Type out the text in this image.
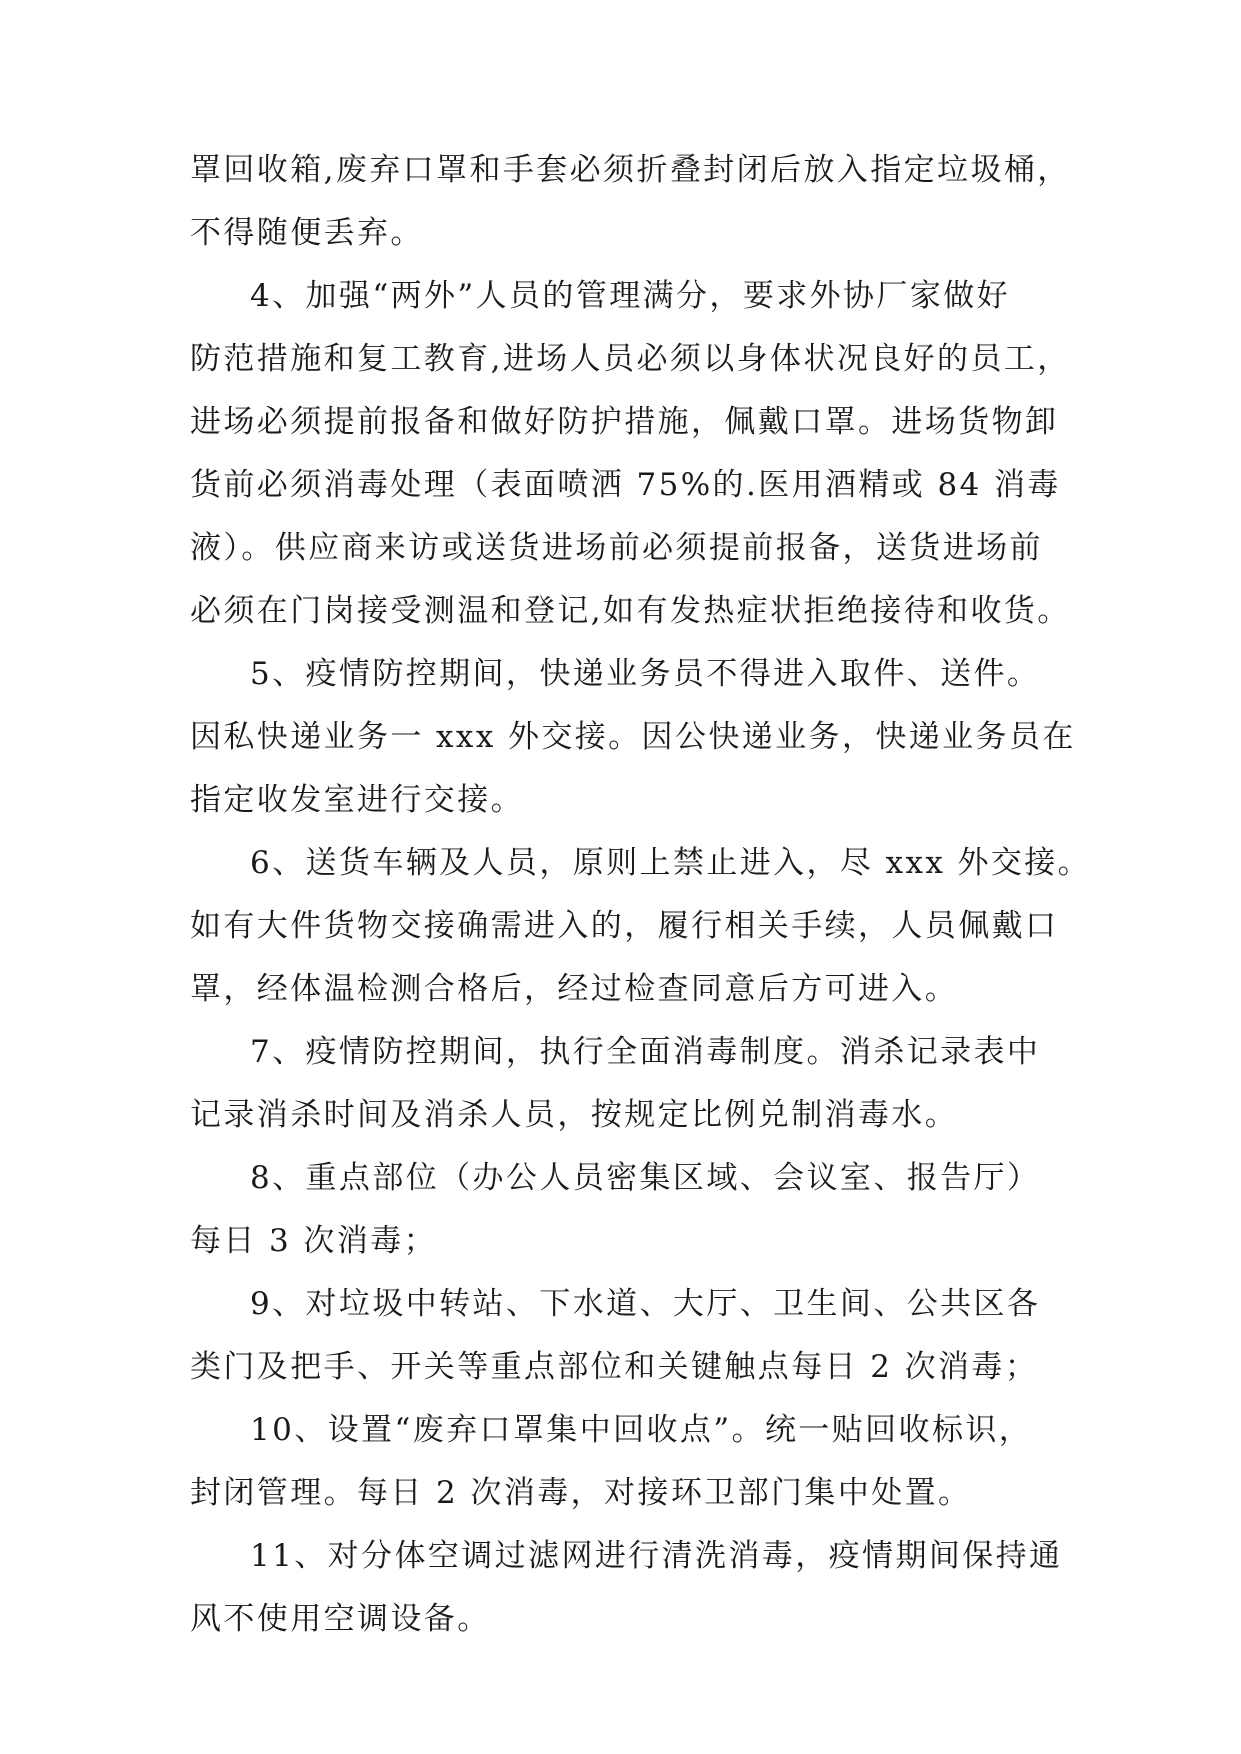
罩回收箱,废弃口罩和手套必须折叠封闭后放入指定垃圾桶，
不得随便丢弃。
4、加强“两外”人员的管理满分，要求外协厂家做好
防范措施和复工教育,进场人员必须以身体状况良好的员工，
进场必须提前报备和做好防护措施，佩戴口罩。进场货物卸
货前必须消毒处理（表面喷洒 75%的.医用酒精或 84 消毒
液）。供应商来访或送货进场前必须提前报备，送货进场前
必须在门岗接受测温和登记,如有发热症状拒绝接待和收货。
5、疫情防控期间，快递业务员不得进入取件、送件。
因私快递业务一 xxx 外交接。因公快递业务，快递业务员在
指定收发室进行交接。
6、送货车辆及人员，原则上禁止进入，尽 xxx 外交接。
如有大件货物交接确需进入的，履行相关手续，人员佩戴口
罩，经体温检测合格后，经过检查同意后方可进入。
7、疫情防控期间，执行全面消毒制度。消杀记录表中
记录消杀时间及消杀人员，按规定比例兑制消毒水。
8、重点部位（办公人员密集区域、会议室、报告厅）
每日 3 次消毒；
9、对垃圾中转站、下水道、大厅、卫生间、公共区各
类门及把手、开关等重点部位和关键触点每日 2 次消毒；
10、设置“废弃口罩集中回收点”。统一贴回收标识，
封闭管理。每日 2 次消毒，对接环卫部门集中处置。
11、对分体空调过滤网进行清洗消毒，疫情期间保持通
风不使用空调设备。
